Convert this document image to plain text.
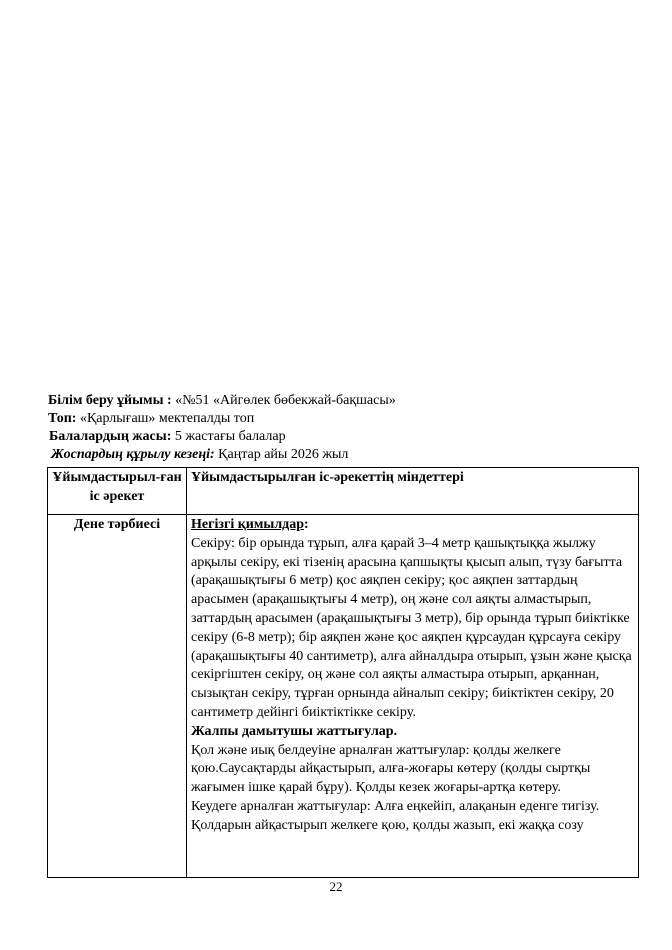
Білім беру ұйымы : «№51 «Айгөлек бөбекжай-бақшасы»
Топ: «Қарлығаш» мектепалды топ
Балалардың жасы: 5 жастағы балалар
Жоспардың құрылу кезеңі: Қаңтар айы 2026 жыл
Ұйымдастырыл-ған іс әрекет	Ұйымдастырылған іс-әрекеттің міндеттері
Дене тәрбиесі	Негізгі қимылдар:
Секіру: бір орында тұрып, алға қарай 3–4 метр қашықтыққа жылжу арқылы секіру, екі тізенің арасына қапшықты қысып алып, түзу бағытта (арақашықтығы 6 метр) қос аяқпен секіру; қос аяқпен заттардың арасымен (арақашықтығы 4 метр), оң және сол аяқты алмастырып, заттардың арасымен (арақашықтығы 3 метр), бір орында тұрып биіктікке секіру (6-8 метр); бір аяқпен және қос аяқпен құрсаудан құрсауға секіру (арақашықтығы 40 сантиметр), алға айналдыра отырып, ұзын және қысқа секіргіштен секіру, оң және сол аяқты алмастыра отырып, арқаннан, сызықтан секіру, тұрған орнында айналып секіру; биіктіктен секіру, 20 сантиметр дейінгі биіктіктікке секіру.
Жалпы дамытушы жаттығулар.
Қол және иық белдеуіне арналған жаттығулар: қолды желкеге қою.Саусақтарды айқастырып, алға-жоғары көтеру (қолды сыртқы жағымен ішке қарай бұру). Қолды кезек жоғары-артқа көтеру.
Кеудеге арналған жаттығулар: Алға еңкейіп, алақанын еденге тигізу. Қолдарын айқастырып желкеге қою, қолды жазып, екі жаққа созу
22
